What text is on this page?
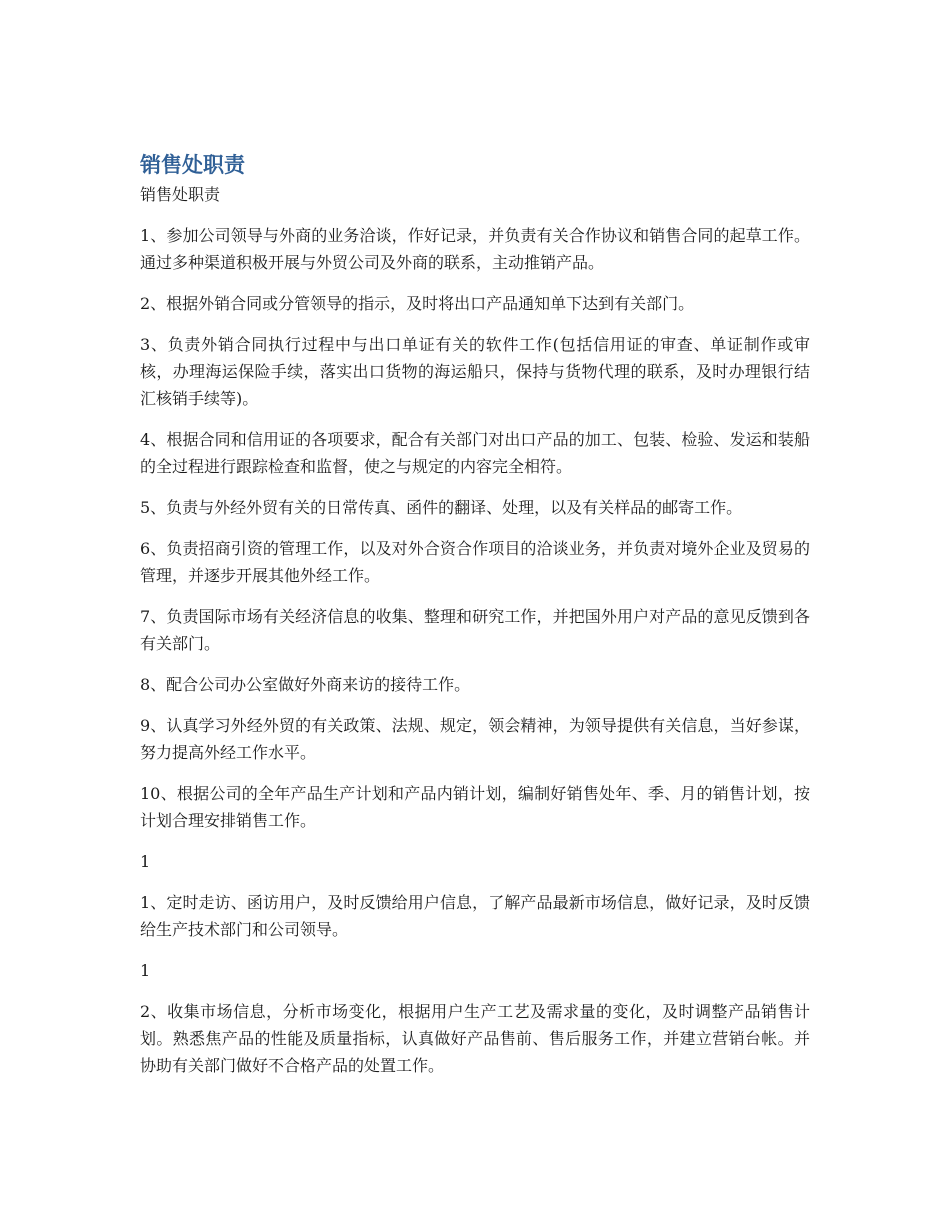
销售处职责

销售处职责

1、参加公司领导与外商的业务洽谈，作好记录，并负责有关合作协议和销售合同的起草工作。通过多种渠道积极开展与外贸公司及外商的联系，主动推销产品。

2、根据外销合同或分管领导的指示，及时将出口产品通知单下达到有关部门。

3、负责外销合同执行过程中与出口单证有关的软件工作(包括信用证的审查、单证制作或审核，办理海运保险手续，落实出口货物的海运船只，保持与货物代理的联系，及时办理银行结汇核销手续等)。

4、根据合同和信用证的各项要求，配合有关部门对出口产品的加工、包装、检验、发运和装船的全过程进行跟踪检查和监督，使之与规定的内容完全相符。

5、负责与外经外贸有关的日常传真、函件的翻译、处理，以及有关样品的邮寄工作。

6、负责招商引资的管理工作，以及对外合资合作项目的洽谈业务，并负责对境外企业及贸易的管理，并逐步开展其他外经工作。

7、负责国际市场有关经济信息的收集、整理和研究工作，并把国外用户对产品的意见反馈到各有关部门。

8、配合公司办公室做好外商来访的接待工作。

9、认真学习外经外贸的有关政策、法规、规定，领会精神，为领导提供有关信息，当好参谋，努力提高外经工作水平。

10、根据公司的全年产品生产计划和产品内销计划，编制好销售处年、季、月的销售计划，按计划合理安排销售工作。

1

1、定时走访、函访用户，及时反馈给用户信息，了解产品最新市场信息，做好记录，及时反馈给生产技术部门和公司领导。

1

2、收集市场信息，分析市场变化，根据用户生产工艺及需求量的变化，及时调整产品销售计划。熟悉焦产品的性能及质量指标，认真做好产品售前、售后服务工作，并建立营销台帐。并协助有关部门做好不合格产品的处置工作。
